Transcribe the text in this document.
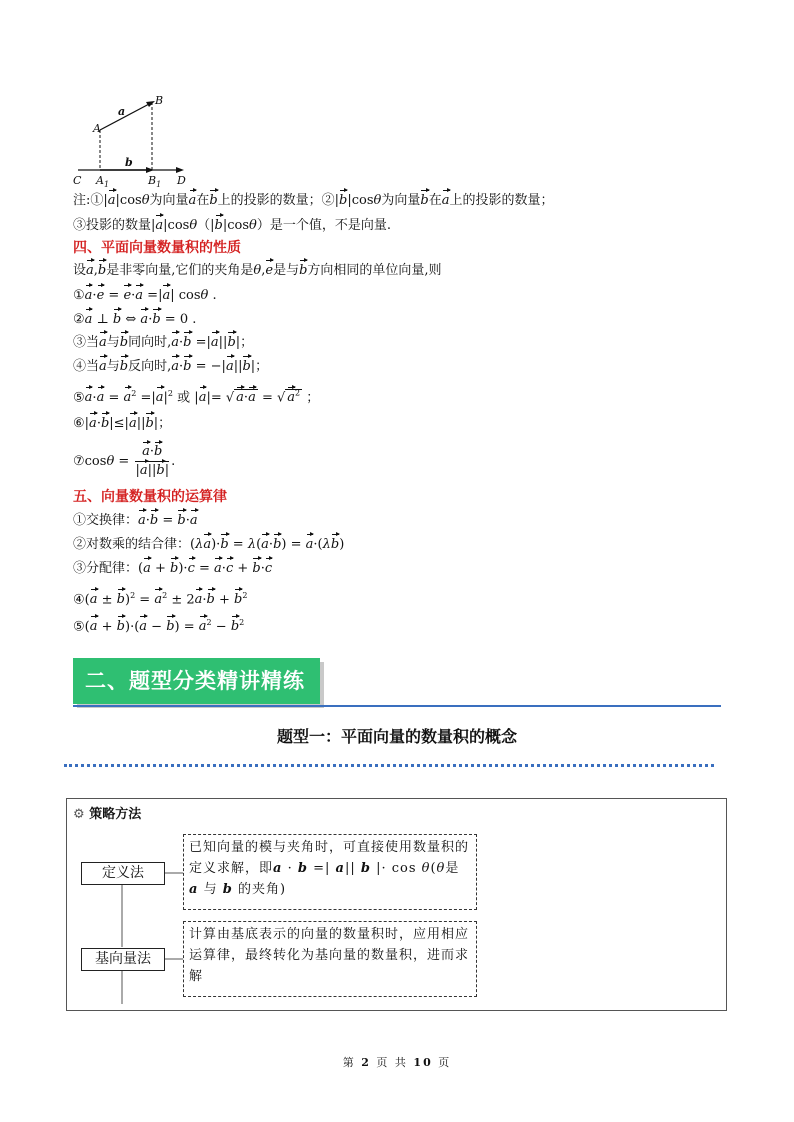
A
B
a
b
C $A_1$	$B_1$ D
注:①|a|cosθ为向量a在b上的投影的数量；②|b|cosθ为向量b在a上的投影的数量；
③投影的数量|a|cosθ（|b|cosθ）是一个值，不是向量.
四、平面向量数量积的性质
设a,b是非零向量,它们的夹角是θ,e是与b方向相同的单位向量,则
①a·e = e·a =|a| cosθ .
②a ⊥ b ⇔ a·b = 0 .
③当a与b同向时,a·b =|a||b|；
④当a与b反向时,a·b = −|a||b|；
⑤a·a = $a^2 =|a|^2$ 或 |a|= √ a·a = √ $a^2$ ；
⑥|a·b|≤|a||b|；
⑦cosθ = $\frac{a\cdot b}{|a||b|}$ .
五、向量数量积的运算律
①交换律：a·b = b·a
②对数乘的结合律：(λa)·b = λ(a·b) = a·(λb)
③分配律：(a + b)·c = a·c + b·c
④(a ± $b)^2 = a^2 \pm 2a\cdot b + b^2$
⑤(a + $b)\cdot(a - b) = a^2 - b^2$
二、题型分类精讲精练
题型一：平面向量的数量积的概念
⚙ 策略方法
定义法
基向量法
已知向量的模与夹角时，可直接使用数量积的定义求解，即a · b =| a|| b |· cos θ(θ是 a 与 b 的夹角)
计算由基底表示的向量的数量积时，应用相应运算律，最终转化为基向量的数量积，进而求解
第 2 页 共 10 页
